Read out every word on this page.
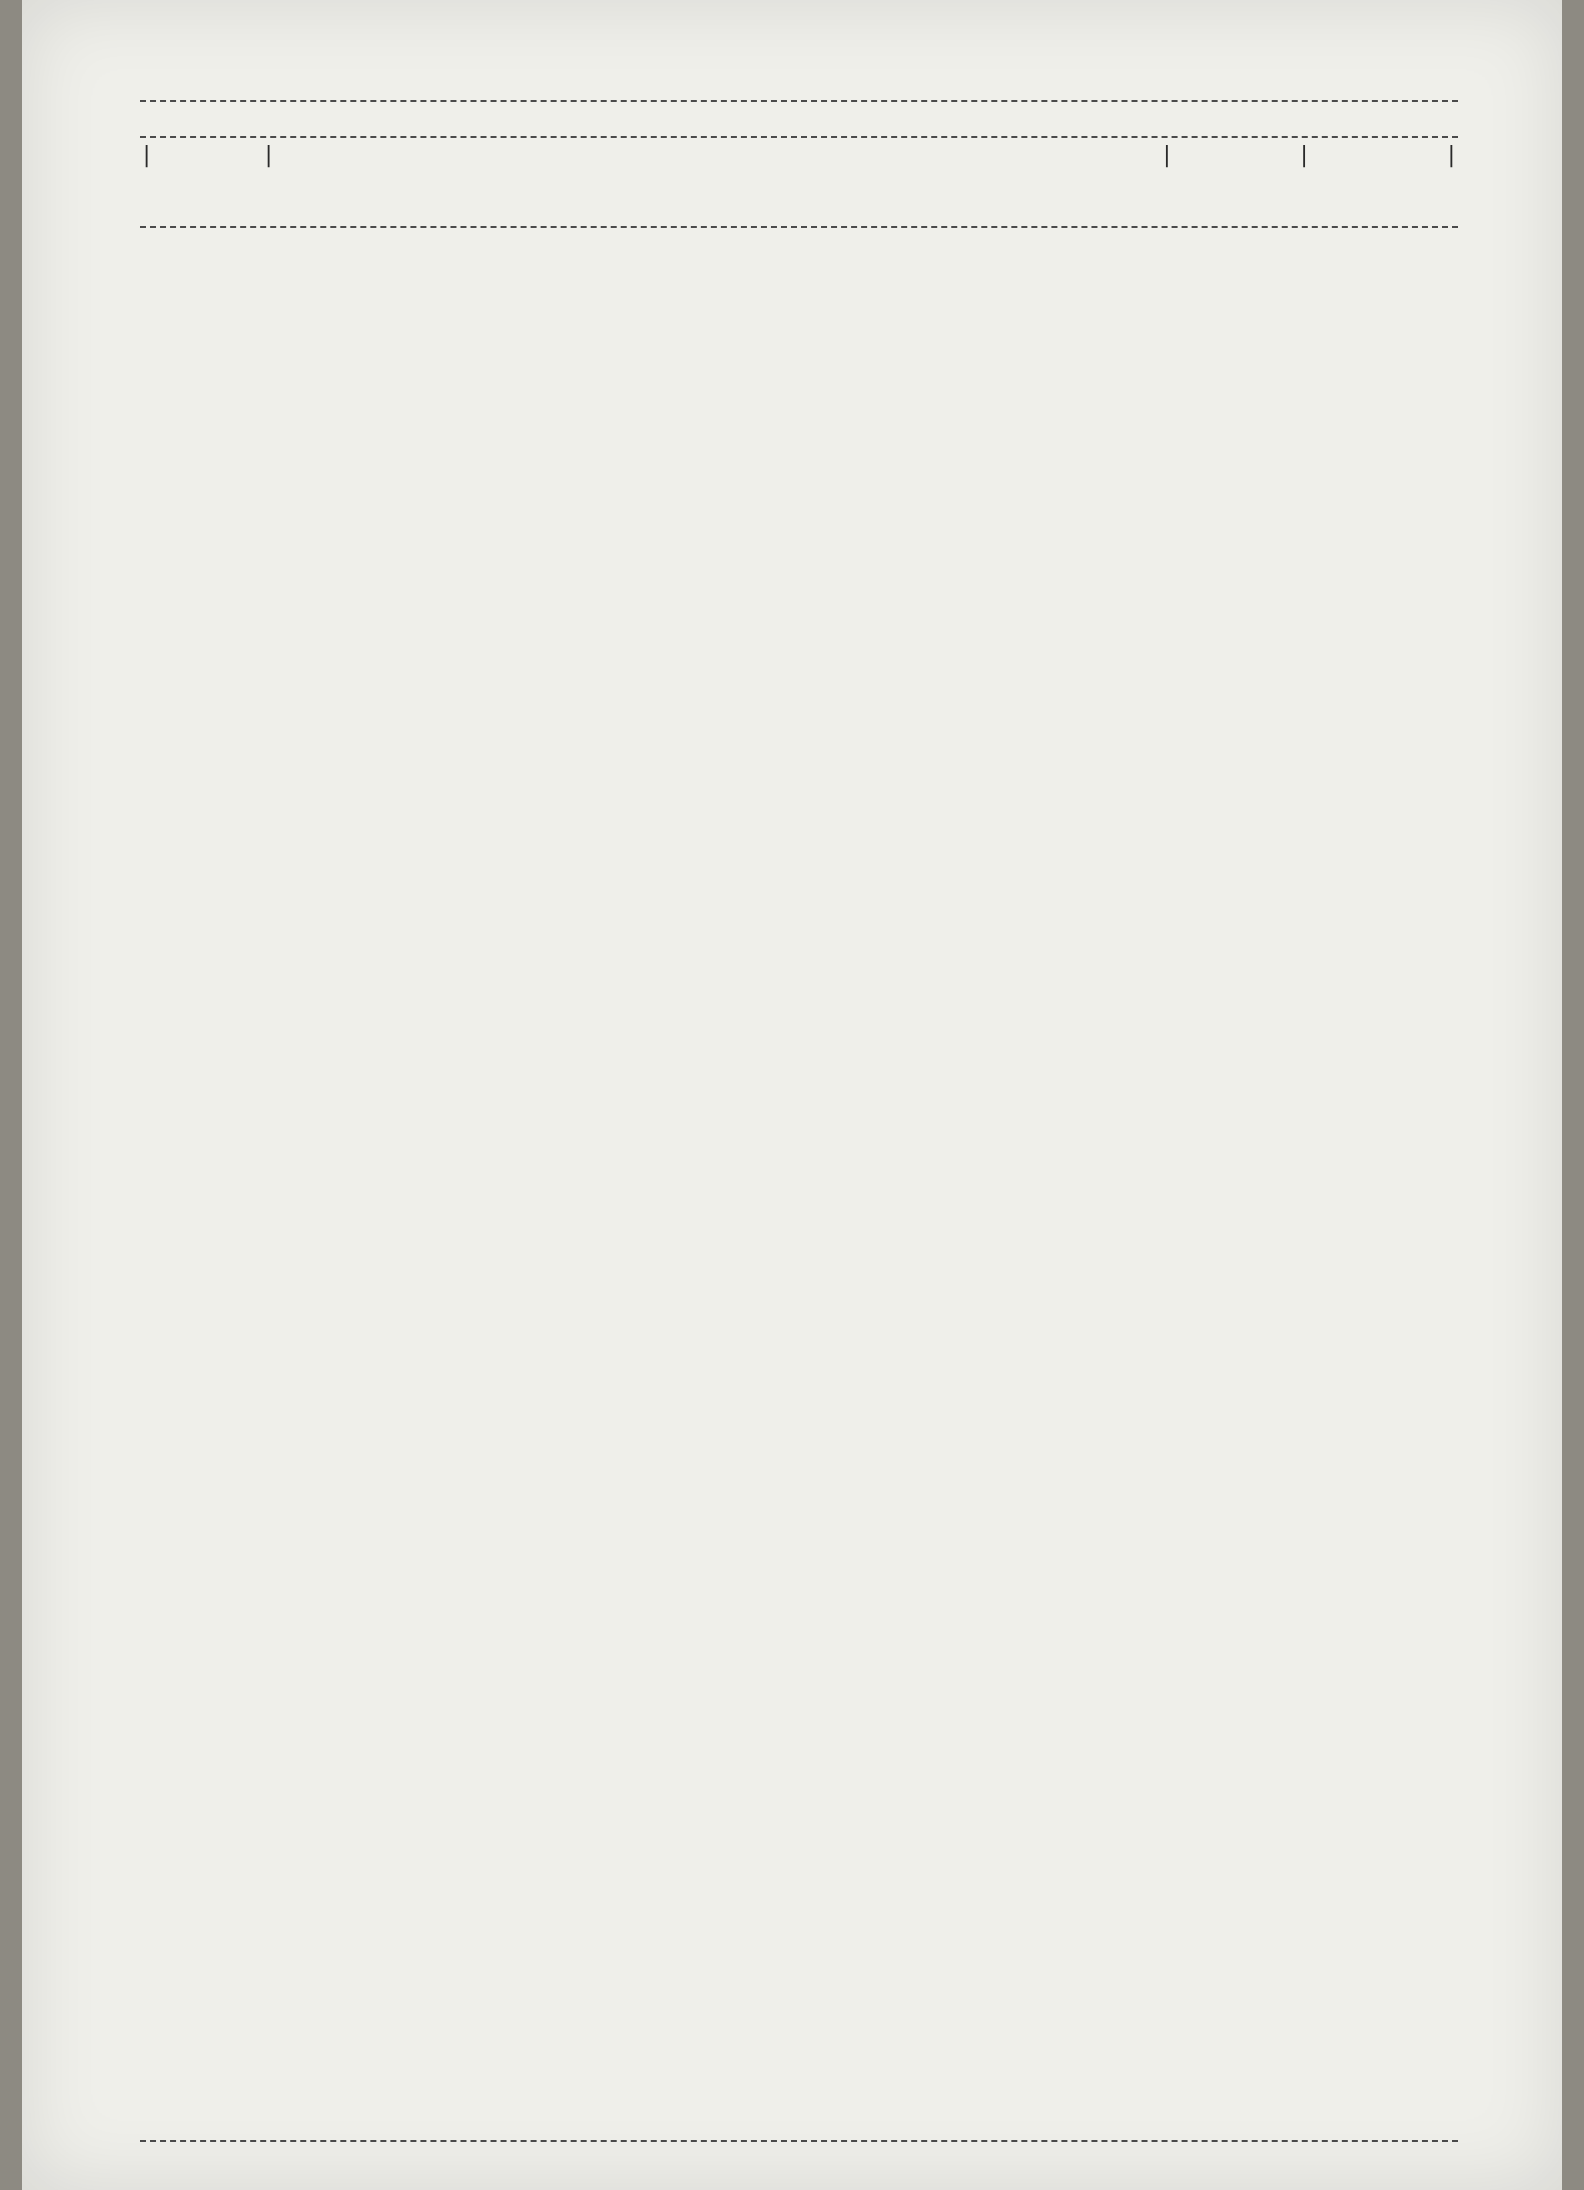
|	|

	|	|	|
